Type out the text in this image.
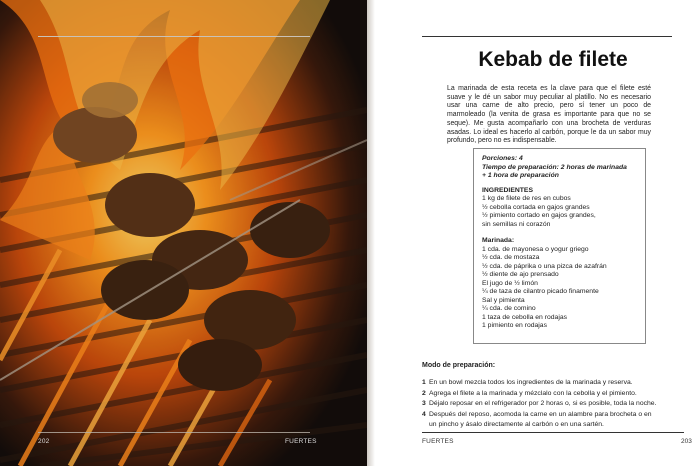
202	FUERTES
Kebab de filete
La marinada de esta receta es la clave para que el filete esté suave y le dé un sabor muy peculiar al platillo. No es necesario usar una carne de alto precio, pero sí tener un poco de marmoleado (la venita de grasa es importante para que no se seque). Me gusta acompañarlo con una brocheta de verduras asadas. Lo ideal es hacerlo al carbón, porque le da un sabor muy profundo, pero no es indispensable.
Porciones: 4
Tiempo de preparación: 2 horas de marinada
+ 1 hora de preparación
INGREDIENTES
1 kg de filete de res en cubos
½ cebolla cortada en gajos grandes
½ pimiento cortado en gajos grandes,
sin semillas ni corazón
Marinada:
1 cda. de mayonesa o yogur griego
½ cda. de mostaza
½ cda. de páprika o una pizca de azafrán
½ diente de ajo prensado
El jugo de ½ limón
¼ de taza de cilantro picado finamente
Sal y pimienta
¼ cda. de comino
1 taza de cebolla en rodajas
1 pimiento en rodajas
Modo de preparación:
1 En un bowl mezcla todos los ingredientes de la marinada y reserva.
2 Agrega el filete a la marinada y mézclalo con la cebolla y el pimiento.
3 Déjalo reposar en el refrigerador por 2 horas o, si es posible, toda la noche.
4 Después del reposo, acomoda la carne en un alambre para brocheta o en
un pincho y ásalo directamente al carbón o en una sartén.
FUERTES	203
